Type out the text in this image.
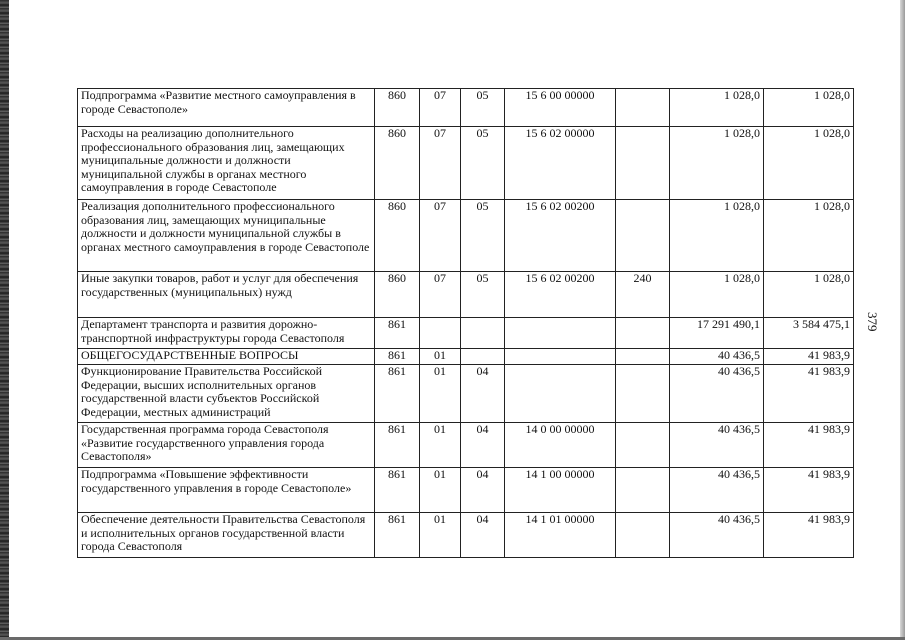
Подпрограмма «Развитие местного самоуправления в городе Севастополе»	860	07	05	15 6 00 00000		1 028,0	1 028,0
Расходы на реализацию дополнительного профессионального образования лиц, замещающих муниципальные должности и должности муниципальной службы в органах местного самоуправления в городе Севастополе	860	07	05	15 6 02 00000		1 028,0	1 028,0
Реализация дополнительного профессионального образования лиц, замещающих муниципальные должности и должности муниципальной службы в органах местного самоуправления в городе Севастополе	860	07	05	15 6 02 00200		1 028,0	1 028,0
Иные закупки товаров, работ и услуг для обеспечения государственных (муниципальных) нужд	860	07	05	15 6 02 00200	240	1 028,0	1 028,0
Департамент транспорта и развития дорожно-транспортной инфраструктуры города Севастополя	861					17 291 490,1	3 584 475,1
ОБЩЕГОСУДАРСТВЕННЫЕ ВОПРОСЫ	861	01				40 436,5	41 983,9
Функционирование Правительства Российской Федерации, высших исполнительных органов государственной власти субъектов Российской Федерации, местных администраций	861	01	04			40 436,5	41 983,9
Государственная программа города Севастополя «Развитие государственного управления города Севастополя»	861	01	04	14 0 00 00000		40 436,5	41 983,9
Подпрограмма «Повышение эффективности государственного управления в городе Севастополе»	861	01	04	14 1 00 00000		40 436,5	41 983,9
Обеспечение деятельности Правительства Севастополя и исполнительных органов государственной власти города Севастополя	861	01	04	14 1 01 00000		40 436,5	41 983,9
379
